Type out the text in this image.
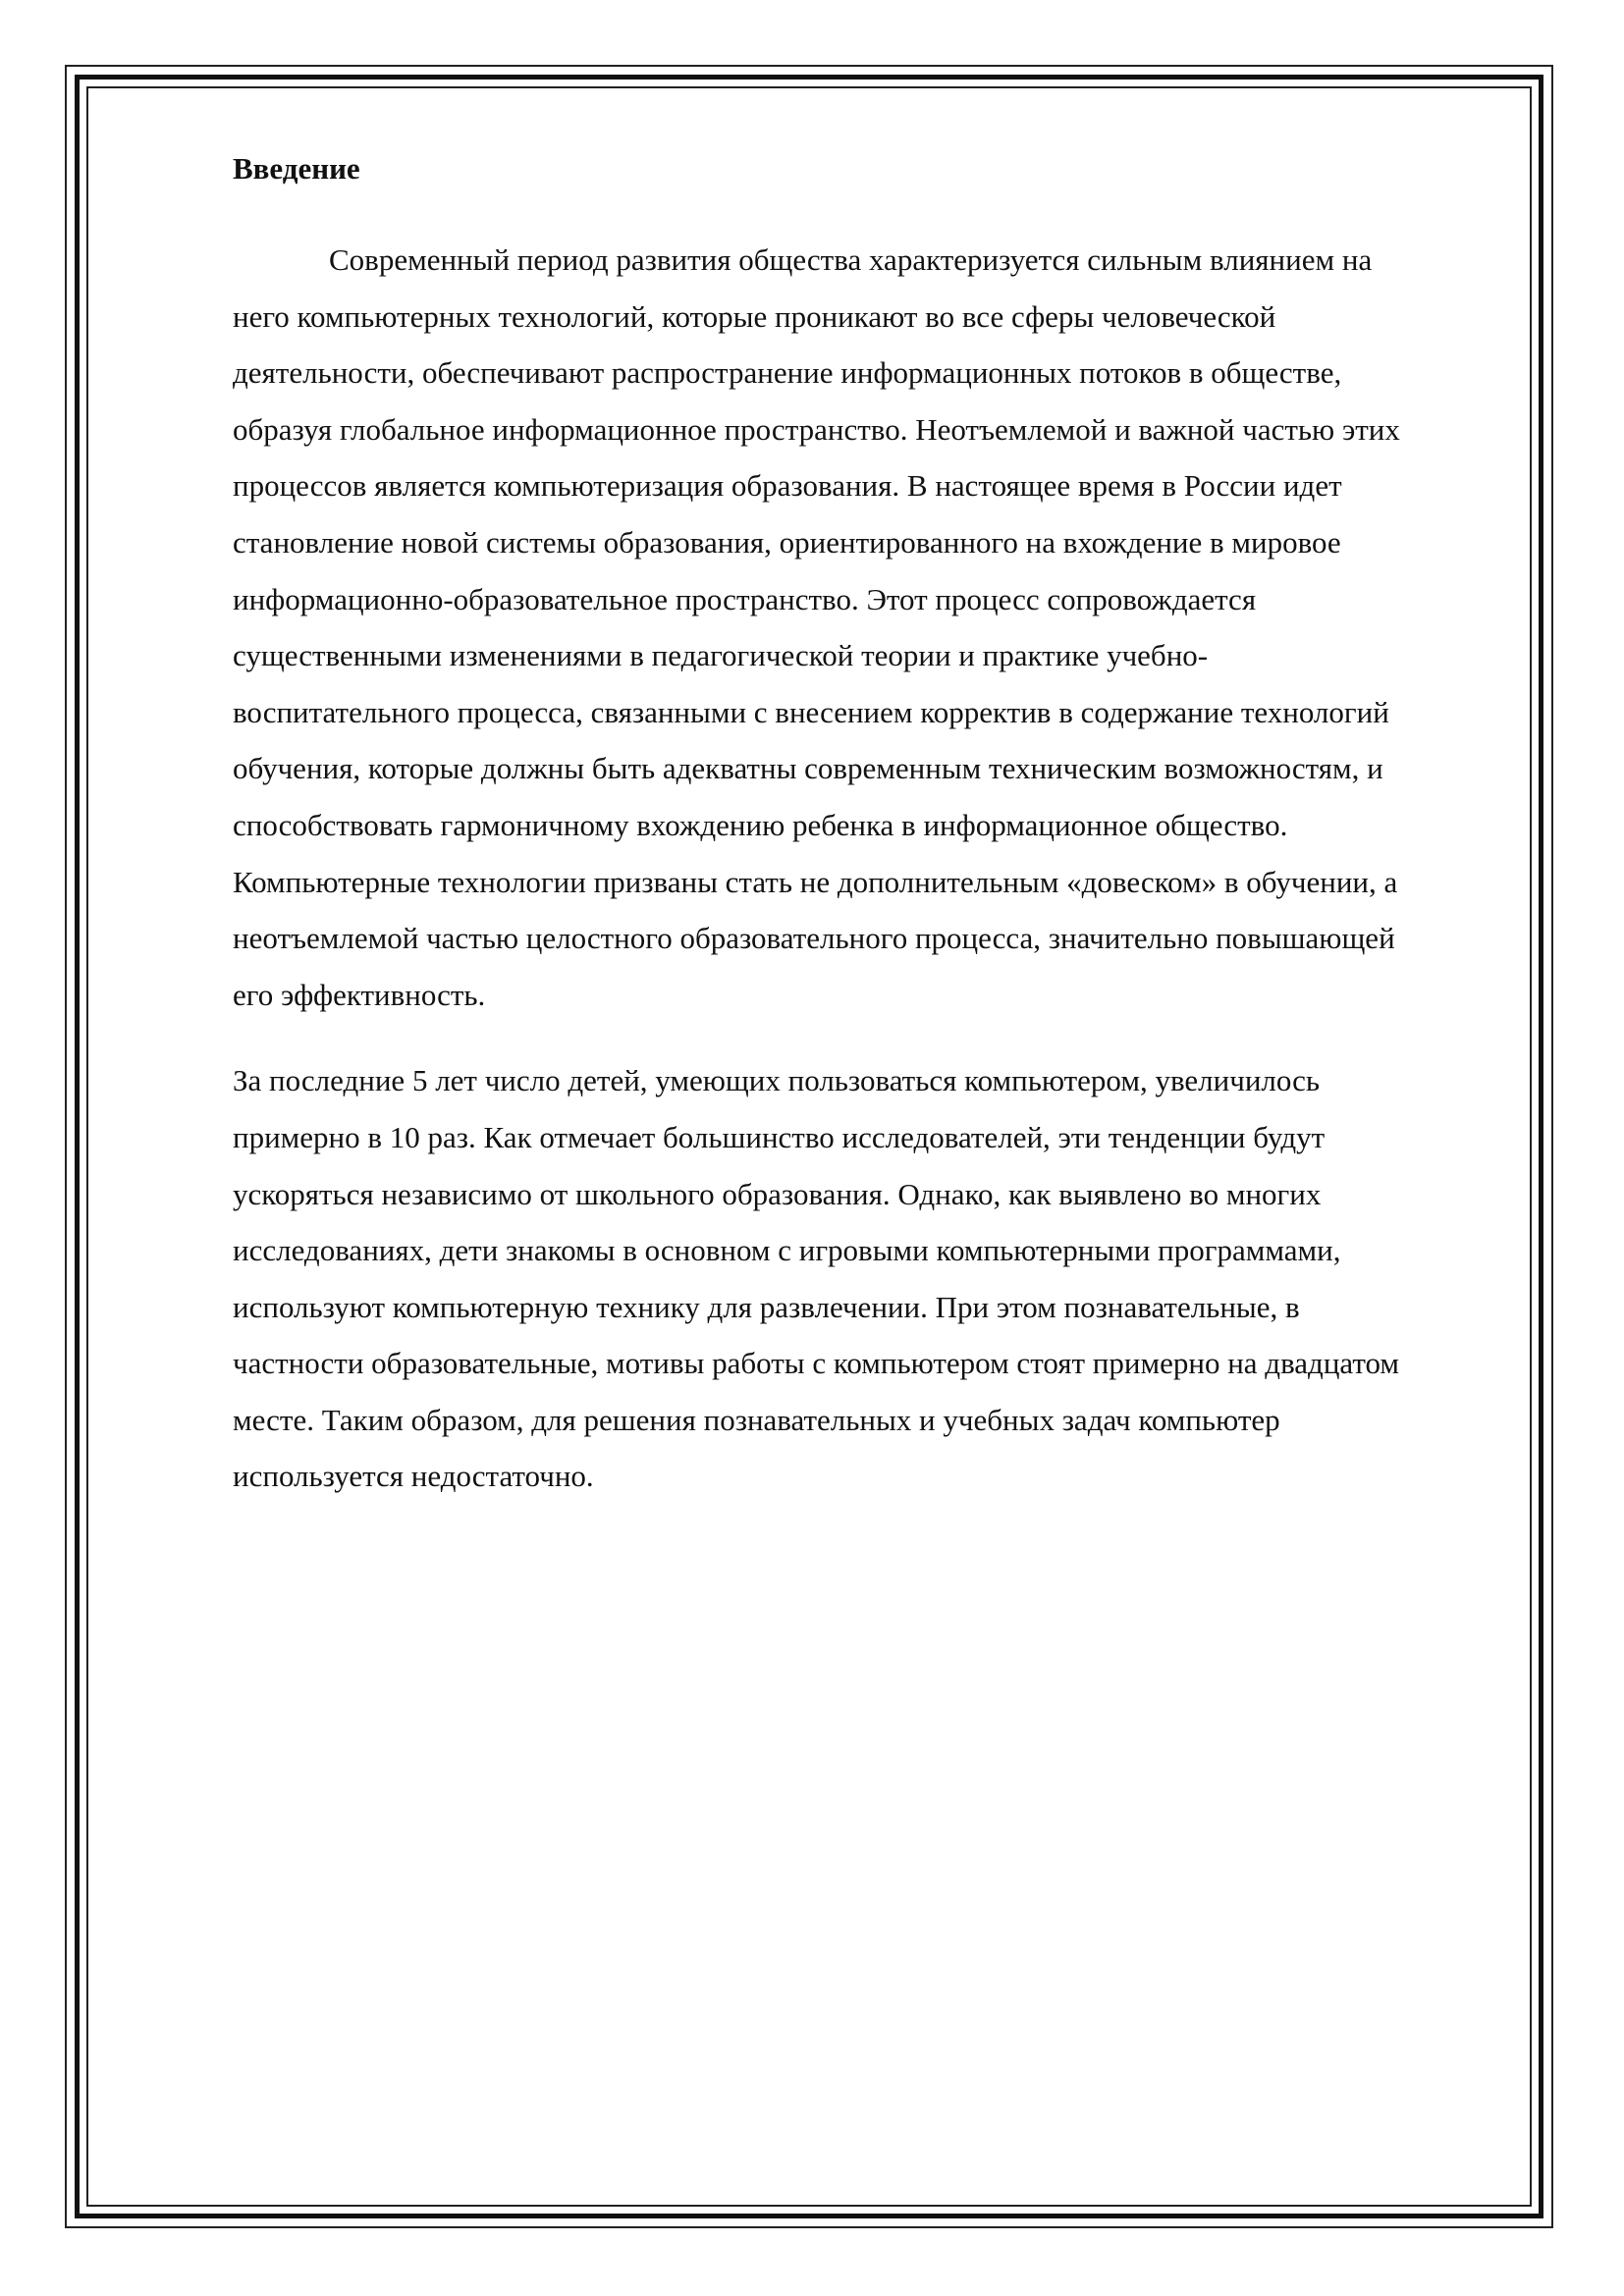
Введение

Современный период развития общества характеризуется сильным влиянием на
него компьютерных технологий, которые проникают во все сферы человеческой
деятельности, обеспечивают распространение информационных потоков в обществе,
образуя глобальное информационное пространство. Неотъемлемой и важной частью этих
процессов является компьютеризация образования. В настоящее время в России идет
становление новой системы образования, ориентированного на вхождение в мировое
информационно-образовательное пространство. Этот процесс сопровождается
существенными изменениями в педагогической теории и практике учебно-
воспитательного процесса, связанными с внесением корректив в содержание технологий
обучения, которые должны быть адекватны современным техническим возможностям, и
способствовать гармоничному вхождению ребенка в информационное общество.
Компьютерные технологии призваны стать не дополнительным «довеском» в обучении, а
неотъемлемой частью целостного образовательного процесса, значительно повышающей
его эффективность.

За последние 5 лет число детей, умеющих пользоваться компьютером, увеличилось
примерно в 10 раз. Как отмечает большинство исследователей, эти тенденции будут
ускоряться независимо от школьного образования. Однако, как выявлено во многих
исследованиях, дети знакомы в основном с игровыми компьютерными программами,
используют компьютерную технику для развлечении. При этом познавательные, в
частности образовательные, мотивы работы с компьютером стоят примерно на двадцатом
месте. Таким образом, для решения познавательных и учебных задач компьютер
используется недостаточно.
